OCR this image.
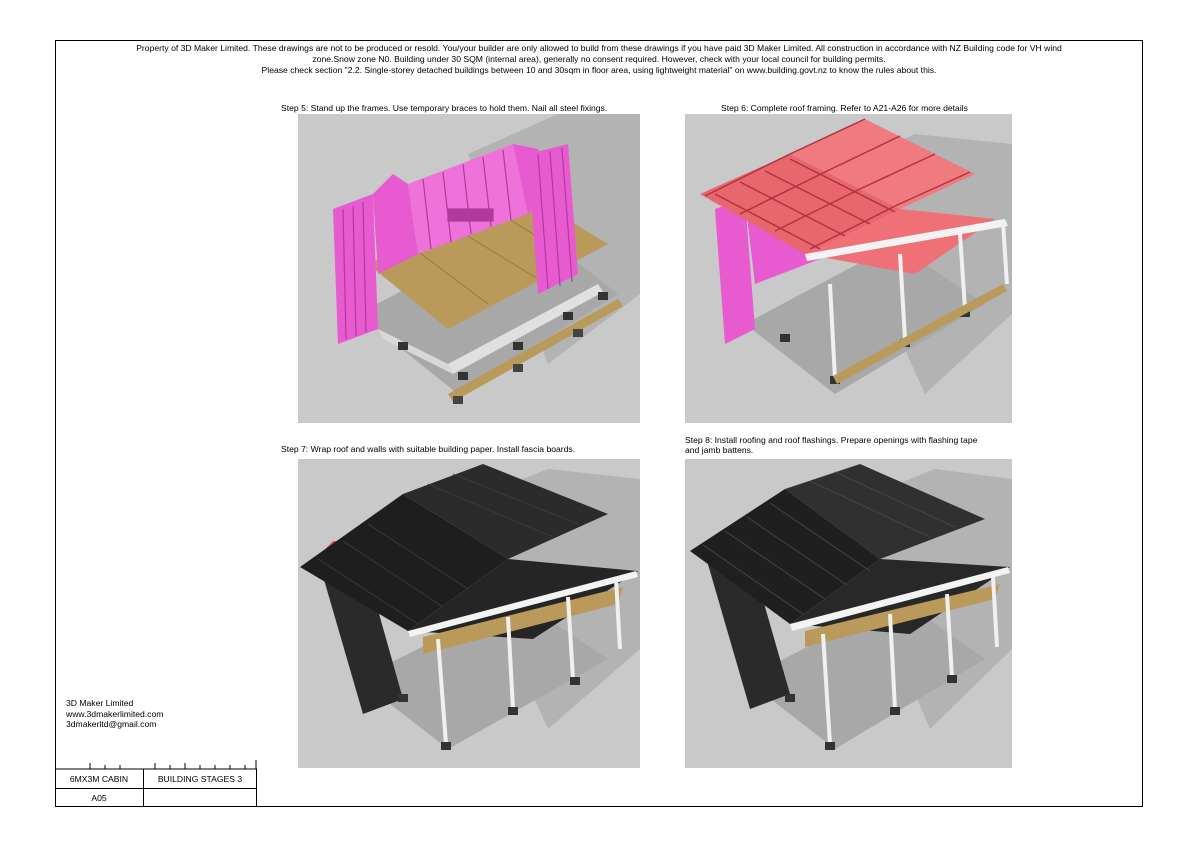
Property of 3D Maker Limited. These drawings are not to be produced or resold. You/your builder are only allowed to build from these drawings if you have paid 3D Maker Limited. All construction in accordance with NZ Building code for VH wind
zone.Snow zone N0. Building under 30 SQM (internal area), generally no consent required. However, check with your local council for building permits.
Please check section "2.2. Single-storey detached buildings between 10 and 30sqm in floor area, using lightweight material" on www.building.govt.nz to know the rules about this.
Step 5: Stand up the frames. Use temporary braces to hold them. Nail all steel fixings.	Step 6: Complete roof framing. Refer to A21-A26 for more details
Step 7: Wrap roof and walls with suitable building paper. Install fascia boards.
Step 8: Install roofing and roof flashings. Prepare openings with flashing tape
and jamb battens.
3D Maker Limited
www.3dmakerlimited.com
3dmakerltd@gmail.com
6MX3M CABIN	BUILDING STAGES 3
A05
